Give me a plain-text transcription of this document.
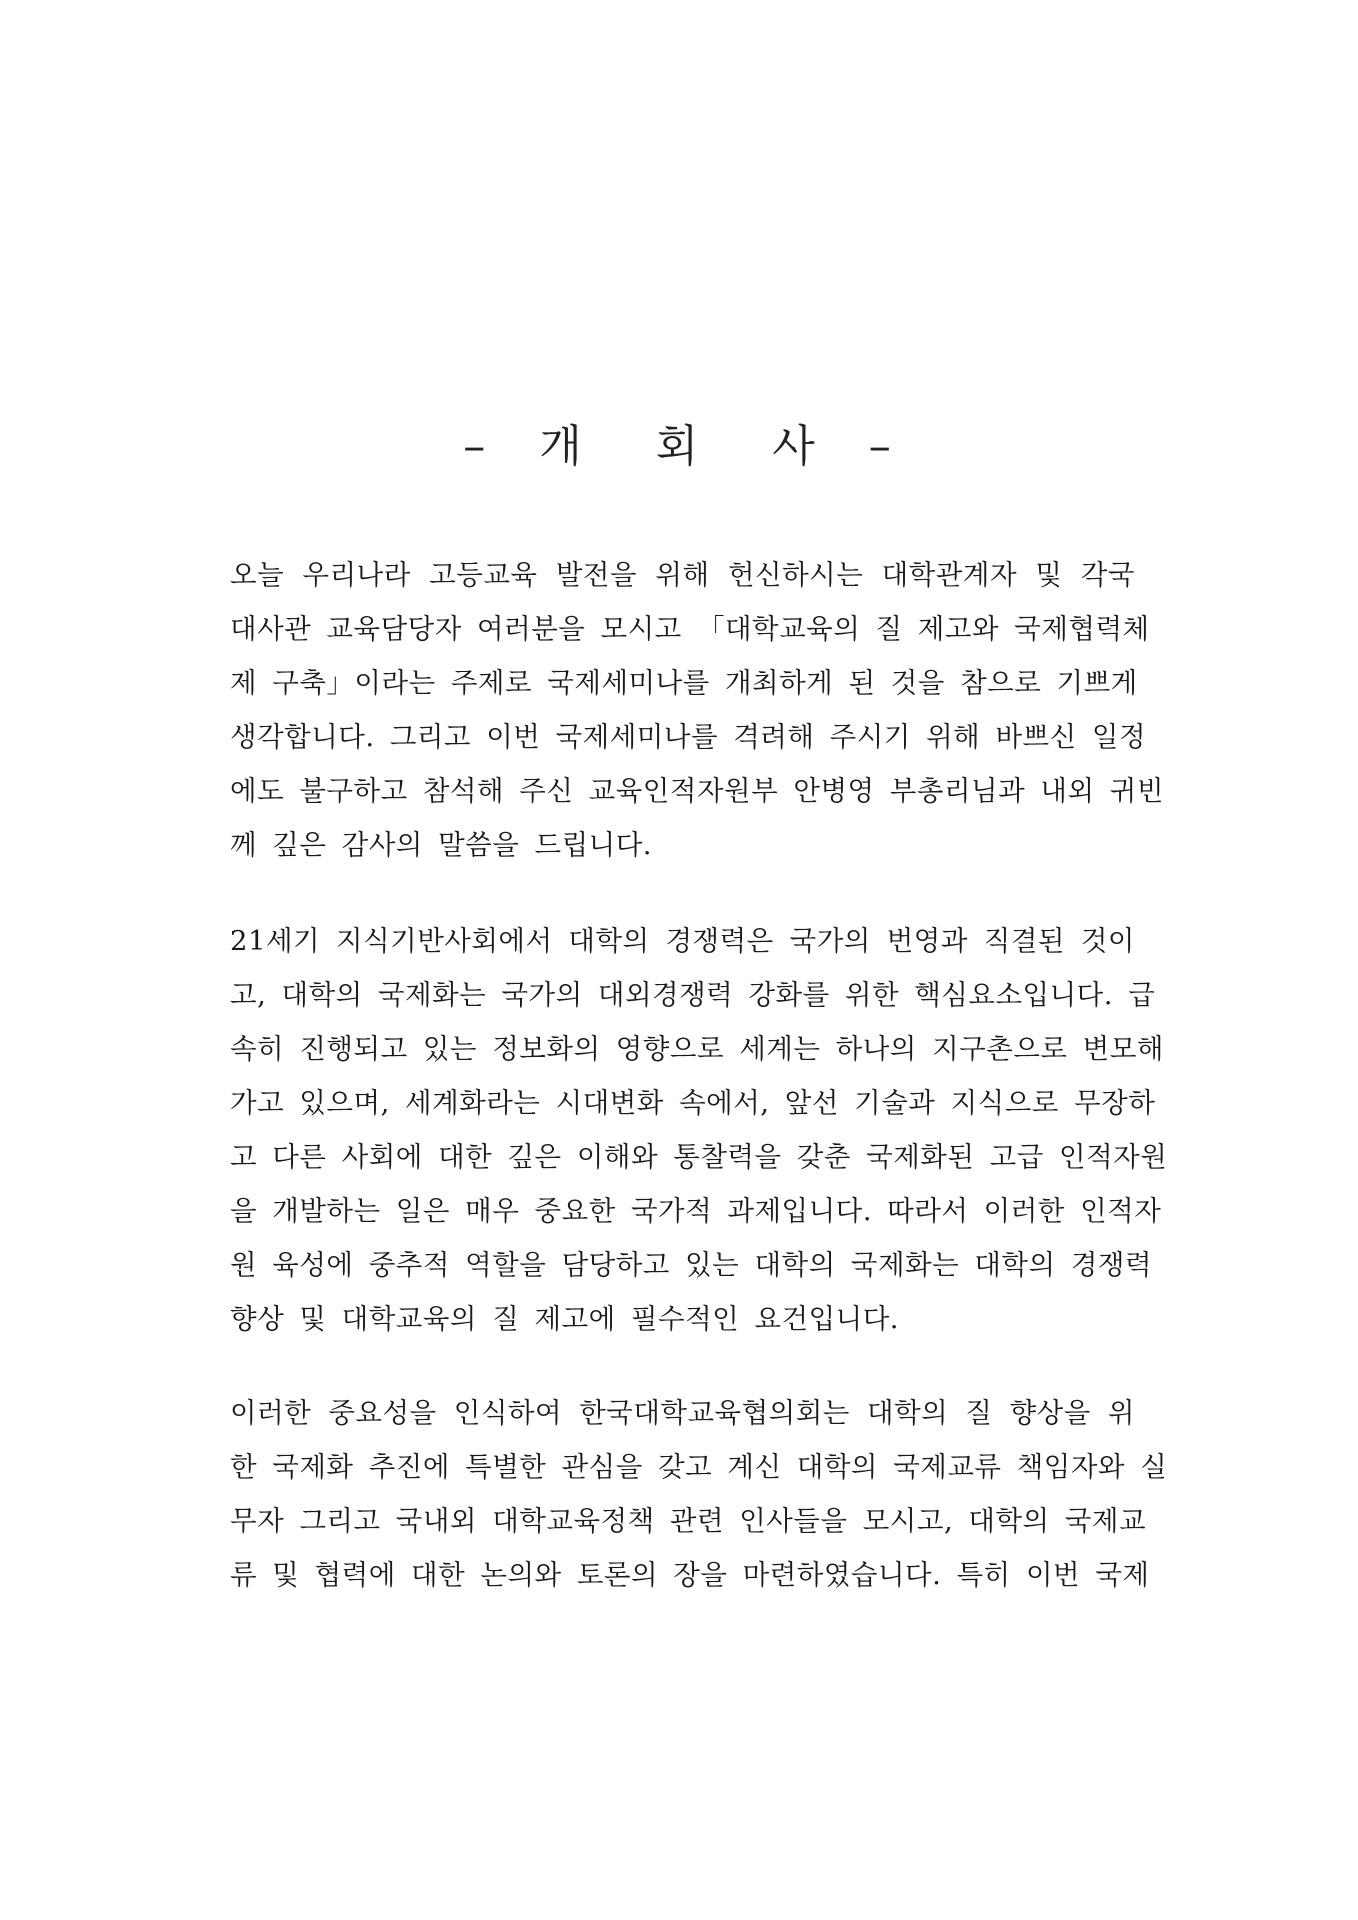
– 개 회 사 –
오늘 우리나라 고등교육 발전을 위해 헌신하시는 대학관계자 및 각국
대사관 교육담당자 여러분을 모시고 「대학교육의 질 제고와 국제협력체
제 구축」이라는 주제로 국제세미나를 개최하게 된 것을 참으로 기쁘게
생각합니다. 그리고 이번 국제세미나를 격려해 주시기 위해 바쁘신 일정
에도 불구하고 참석해 주신 교육인적자원부 안병영 부총리님과 내외 귀빈
께 깊은 감사의 말씀을 드립니다.
21세기 지식기반사회에서 대학의 경쟁력은 국가의 번영과 직결된 것이
고, 대학의 국제화는 국가의 대외경쟁력 강화를 위한 핵심요소입니다. 급
속히 진행되고 있는 정보화의 영향으로 세계는 하나의 지구촌으로 변모해
가고 있으며, 세계화라는 시대변화 속에서, 앞선 기술과 지식으로 무장하
고 다른 사회에 대한 깊은 이해와 통찰력을 갖춘 국제화된 고급 인적자원
을 개발하는 일은 매우 중요한 국가적 과제입니다. 따라서 이러한 인적자
원 육성에 중추적 역할을 담당하고 있는 대학의 국제화는 대학의 경쟁력
향상 및 대학교육의 질 제고에 필수적인 요건입니다.
이러한 중요성을 인식하여 한국대학교육협의회는 대학의 질 향상을 위
한 국제화 추진에 특별한 관심을 갖고 계신 대학의 국제교류 책임자와 실
무자 그리고 국내외 대학교육정책 관련 인사들을 모시고, 대학의 국제교
류 및 협력에 대한 논의와 토론의 장을 마련하였습니다. 특히 이번 국제
